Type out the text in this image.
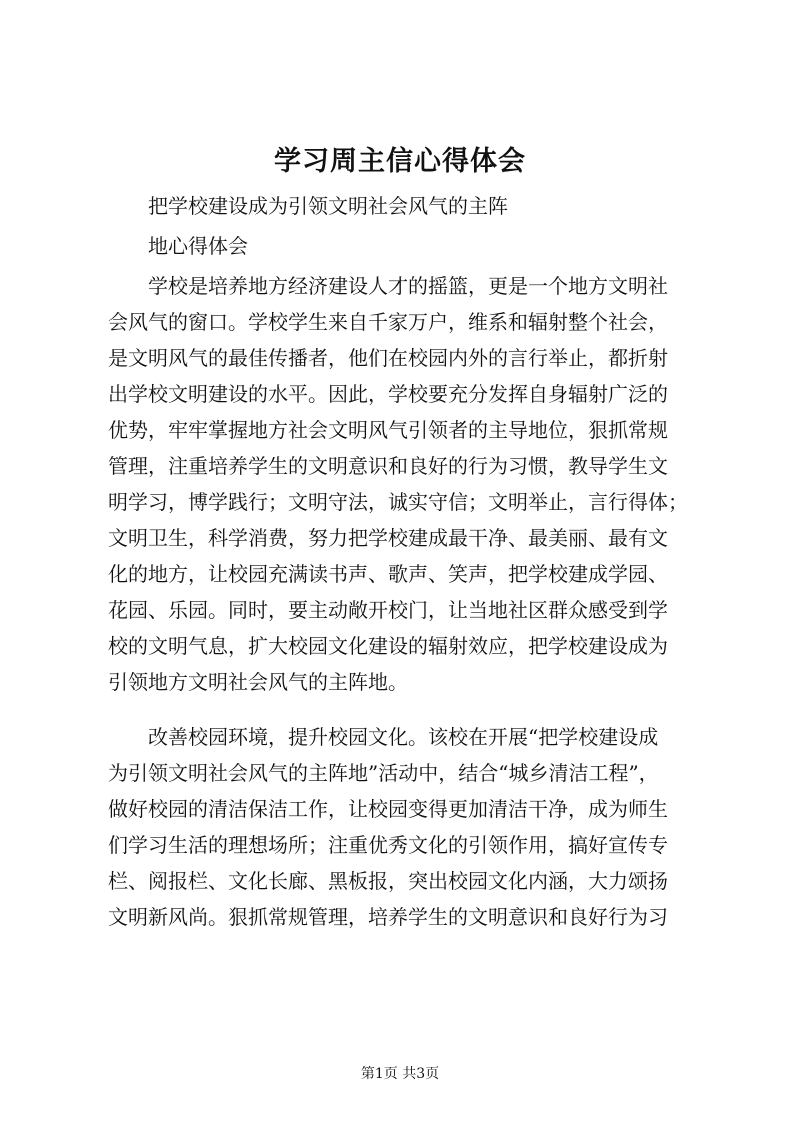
学习周主信心得体会
把学校建设成为引领文明社会风气的主阵
地心得体会
学校是培养地方经济建设人才的摇篮，更是一个地方文明社
会风气的窗口。学校学生来自千家万户，维系和辐射整个社会，
是文明风气的最佳传播者，他们在校园内外的言行举止，都折射
出学校文明建设的水平。因此，学校要充分发挥自身辐射广泛的
优势，牢牢掌握地方社会文明风气引领者的主导地位，狠抓常规
管理，注重培养学生的文明意识和良好的行为习惯，教导学生文
明学习，博学践行；文明守法，诚实守信；文明举止，言行得体；
文明卫生，科学消费，努力把学校建成最干净、最美丽、最有文
化的地方，让校园充满读书声、歌声、笑声，把学校建成学园、
花园、乐园。同时，要主动敞开校门，让当地社区群众感受到学
校的文明气息，扩大校园文化建设的辐射效应，把学校建设成为
引领地方文明社会风气的主阵地。
改善校园环境，提升校园文化。该校在开展“把学校建设成
为引领文明社会风气的主阵地”活动中，结合“城乡清洁工程”，
做好校园的清洁保洁工作，让校园变得更加清洁干净，成为师生
们学习生活的理想场所；注重优秀文化的引领作用，搞好宣传专
栏、阅报栏、文化长廊、黑板报，突出校园文化内涵，大力颂扬
文明新风尚。狠抓常规管理，培养学生的文明意识和良好行为习
第1页 共3页
